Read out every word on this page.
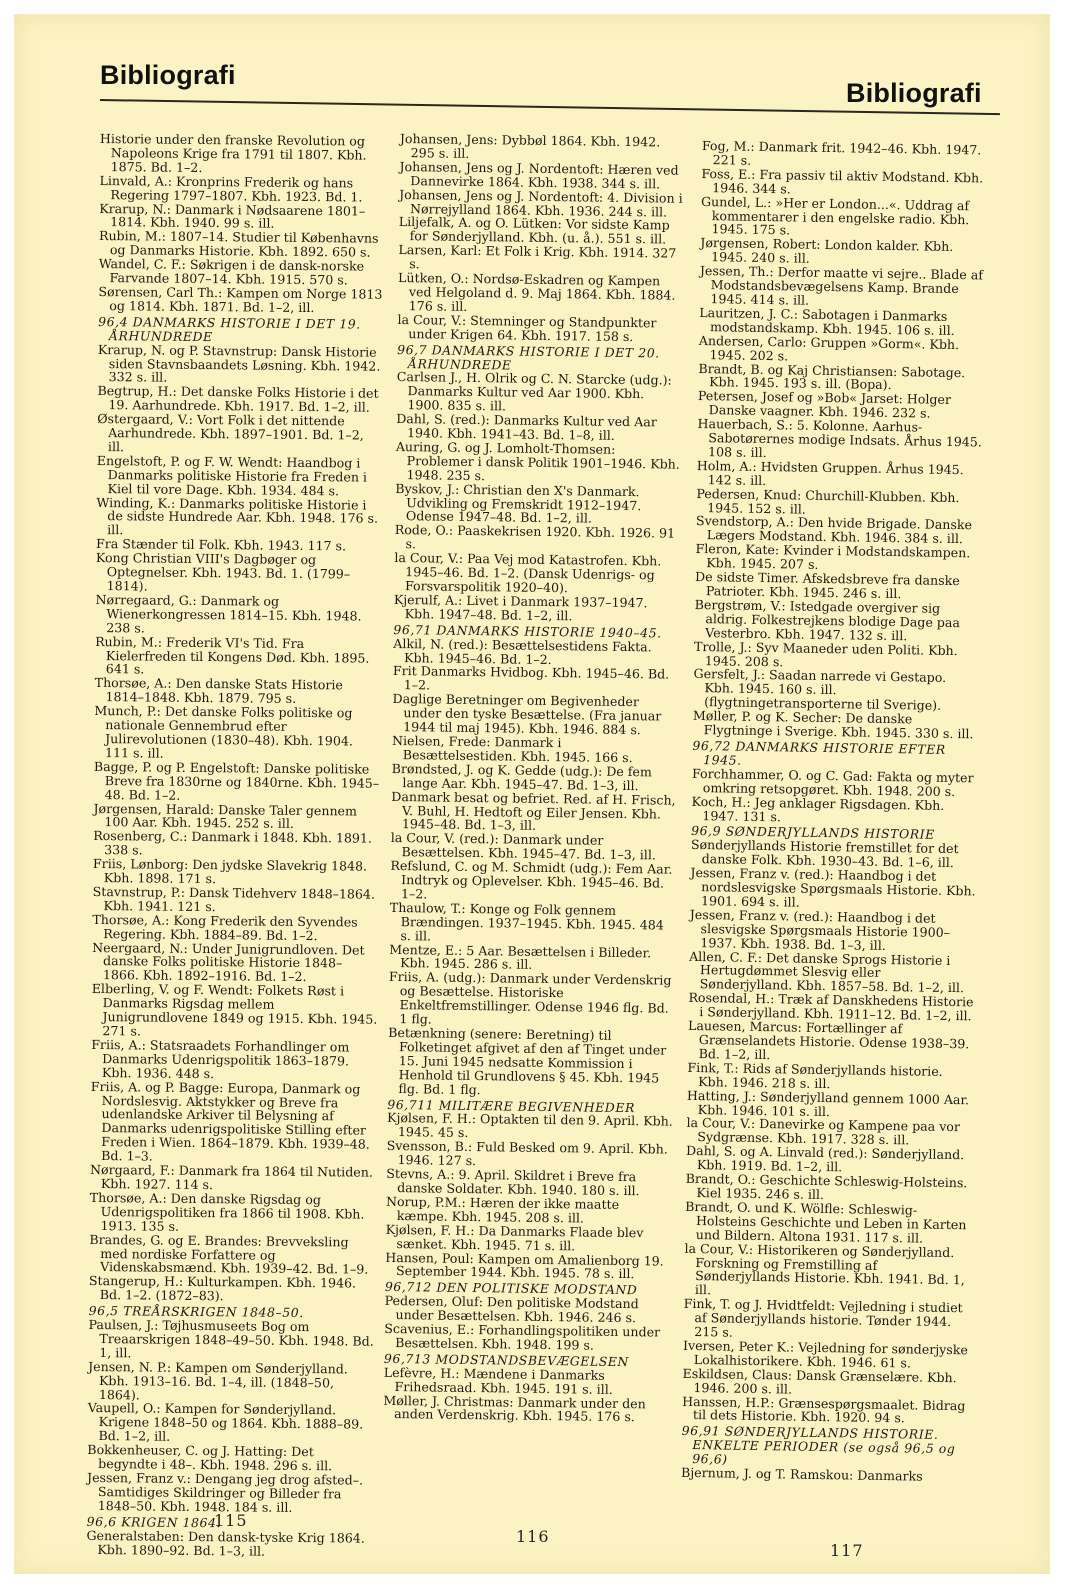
Bibliografi
Bibliografi

Historie under den franske Revolution og Napoleons Krige fra 1791 til 1807. Kbh. 1875. Bd. 1–2.

Linvald, A.: Kronprins Frederik og hans Regering 1797–1807. Kbh. 1923. Bd. 1.

Krarup, N.: Danmark i Nødsaarene 1801–1814. Kbh. 1940. 99 s. ill.

Rubin, M.: 1807–14. Studier til Københavns og Danmarks Historie. Kbh. 1892. 650 s.

Wandel, C. F.: Søkrigen i de dansk-norske Farvande 1807–14. Kbh. 1915. 570 s.

Sørensen, Carl Th.: Kampen om Norge 1813 og 1814. Kbh. 1871. Bd. 1–2, ill.

96,4 DANMARKS HISTORIE I DET 19. ÅRHUNDREDE

Krarup, N. og P. Stavnstrup: Dansk Historie siden Stavnsbaandets Løsning. Kbh. 1942. 332 s. ill.

Begtrup, H.: Det danske Folks Historie i det 19. Aarhundrede. Kbh. 1917. Bd. 1–2, ill.

Østergaard, V.: Vort Folk i det nittende Aarhundrede. Kbh. 1897–1901. Bd. 1–2, ill.

Engelstoft, P. og F. W. Wendt: Haandbog i Danmarks politiske Historie fra Freden i Kiel til vore Dage. Kbh. 1934. 484 s.

Winding, K.: Danmarks politiske Historie i de sidste Hundrede Aar. Kbh. 1948. 176 s. ill.

Fra Stænder til Folk. Kbh. 1943. 117 s.

Kong Christian VIII's Dagbøger og Optegnelser. Kbh. 1943. Bd. 1. (1799–1814).

Nørregaard, G.: Danmark og Wienerkongressen 1814–15. Kbh. 1948. 238 s.

Rubin, M.: Frederik VI's Tid. Fra Kielerfreden til Kongens Død. Kbh. 1895. 641 s.

Thorsøe, A.: Den danske Stats Historie 1814–1848. Kbh. 1879. 795 s.

Munch, P.: Det danske Folks politiske og nationale Gennembrud efter Julirevolutionen (1830–48). Kbh. 1904. 111 s. ill.

Bagge, P. og P. Engelstoft: Danske politiske Breve fra 1830rne og 1840rne. Kbh. 1945–48. Bd. 1–2.

Jørgensen, Harald: Danske Taler gennem 100 Aar. Kbh. 1945. 252 s. ill.

Rosenberg, C.: Danmark i 1848. Kbh. 1891. 338 s.

Friis, Lønborg: Den jydske Slavekrig 1848. Kbh. 1898. 171 s.

Stavnstrup, P.: Dansk Tidehverv 1848–1864. Kbh. 1941. 121 s.

Thorsøe, A.: Kong Frederik den Syvendes Regering. Kbh. 1884–89. Bd. 1–2.

Neergaard, N.: Under Junigrundloven. Det danske Folks politiske Historie 1848–1866. Kbh. 1892–1916. Bd. 1–2.

Elberling, V. og F. Wendt: Folkets Røst i Danmarks Rigsdag mellem Junigrundlovene 1849 og 1915. Kbh. 1945. 271 s.

Friis, A.: Statsraadets Forhandlinger om Danmarks Udenrigspolitik 1863–1879. Kbh. 1936. 448 s.

Friis, A. og P. Bagge: Europa, Danmark og Nordslesvig. Aktstykker og Breve fra udenlandske Arkiver til Belysning af Danmarks udenrigspolitiske Stilling efter Freden i Wien. 1864–1879. Kbh. 1939–48. Bd. 1–3.

Nørgaard, F.: Danmark fra 1864 til Nutiden. Kbh. 1927. 114 s.

Thorsøe, A.: Den danske Rigsdag og Udenrigspolitiken fra 1866 til 1908. Kbh. 1913. 135 s.

Brandes, G. og E. Brandes: Brevveksling med nordiske Forfattere og Videnskabsmænd. Kbh. 1939–42. Bd. 1–9.

Stangerup, H.: Kulturkampen. Kbh. 1946. Bd. 1–2. (1872–83).

96,5 TREÅRSKRIGEN 1848–50.

Paulsen, J.: Tøjhusmuseets Bog om Treaarskrigen 1848–49–50. Kbh. 1948. Bd. 1, ill.

Jensen, N. P.: Kampen om Sønderjylland. Kbh. 1913–16. Bd. 1–4, ill. (1848–50, 1864).

Vaupell, O.: Kampen for Sønderjylland. Krigene 1848–50 og 1864. Kbh. 1888–89. Bd. 1–2, ill.

Bokkenheuser, C. og J. Hatting: Det begyndte i 48–. Kbh. 1948. 296 s. ill.

Jessen, Franz v.: Dengang jeg drog afsted–. Samtidiges Skildringer og Billeder fra 1848–50. Kbh. 1948. 184 s. ill.

96,6 KRIGEN 1864.

Generalstaben: Den dansk-tyske Krig 1864. Kbh. 1890–92. Bd. 1–3, ill.

Johansen, Jens: Dybbøl 1864. Kbh. 1942. 295 s. ill.

Johansen, Jens og J. Nordentoft: Hæren ved Dannevirke 1864. Kbh. 1938. 344 s. ill.

Johansen, Jens og J. Nordentoft: 4. Division i Nørrejylland 1864. Kbh. 1936. 244 s. ill.

Liljefalk, A. og O. Lütken: Vor sidste Kamp for Sønderjylland. Kbh. (u. å.). 551 s. ill.

Larsen, Karl: Et Folk i Krig. Kbh. 1914. 327 s.

Lütken, O.: Nordsø-Eskadren og Kampen ved Helgoland d. 9. Maj 1864. Kbh. 1884. 176 s. ill.

la Cour, V.: Stemninger og Standpunkter under Krigen 64. Kbh. 1917. 158 s.

96,7 DANMARKS HISTORIE I DET 20. ÅRHUNDREDE

Carlsen J., H. Olrik og C. N. Starcke (udg.): Danmarks Kultur ved Aar 1900. Kbh. 1900. 835 s. ill.

Dahl, S. (red.): Danmarks Kultur ved Aar 1940. Kbh. 1941–43. Bd. 1–8, ill.

Auring, G. og J. Lomholt-Thomsen: Problemer i dansk Politik 1901–1946. Kbh. 1948. 235 s.

Byskov, J.: Christian den X's Danmark. Udvikling og Fremskridt 1912–1947. Odense 1947–48. Bd. 1–2, ill.

Rode, O.: Paaskekrisen 1920. Kbh. 1926. 91 s.

la Cour, V.: Paa Vej mod Katastrofen. Kbh. 1945–46. Bd. 1–2. (Dansk Udenrigs- og Forsvarspolitik 1920–40).

Kjerulf, A.: Livet i Danmark 1937–1947. Kbh. 1947–48. Bd. 1–2, ill.

96,71 DANMARKS HISTORIE 1940–45.

Alkil, N. (red.): Besættelsestidens Fakta. Kbh. 1945–46. Bd. 1–2.

Frit Danmarks Hvidbog. Kbh. 1945–46. Bd. 1–2.

Daglige Beretninger om Begivenheder under den tyske Besættelse. (Fra januar 1944 til maj 1945). Kbh. 1946. 884 s.

Nielsen, Frede: Danmark i Besættelsestiden. Kbh. 1945. 166 s.

Brøndsted, J. og K. Gedde (udg.): De fem lange Aar. Kbh. 1945–47. Bd. 1–3, ill.

Danmark besat og befriet. Red. af H. Frisch, V. Buhl, H. Hedtoft og Eiler Jensen. Kbh. 1945–48. Bd. 1–3, ill.

la Cour, V. (red.): Danmark under Besættelsen. Kbh. 1945–47. Bd. 1–3, ill.

Refslund, C. og M. Schmidt (udg.): Fem Aar. Indtryk og Oplevelser. Kbh. 1945–46. Bd. 1–2.

Thaulow, T.: Konge og Folk gennem Brændingen. 1937–1945. Kbh. 1945. 484 s. ill.

Mentze, E.: 5 Aar. Besættelsen i Billeder. Kbh. 1945. 286 s. ill.

Friis, A. (udg.): Danmark under Verdenskrig og Besættelse. Historiske Enkeltfremstillinger. Odense 1946 flg. Bd. 1 flg.

Betænkning (senere: Beretning) til Folketinget afgivet af den af Tinget under 15. Juni 1945 nedsatte Kommission i Henhold til Grundlovens § 45. Kbh. 1945 flg. Bd. 1 flg.

96,711 MILITÆRE BEGIVENHEDER

Kjølsen, F. H.: Optakten til den 9. April. Kbh. 1945. 45 s.

Svensson, B.: Fuld Besked om 9. April. Kbh. 1946. 127 s.

Stevns, A.: 9. April. Skildret i Breve fra danske Soldater. Kbh. 1940. 180 s. ill.

Norup, P.M.: Hæren der ikke maatte kæmpe. Kbh. 1945. 208 s. ill.

Kjølsen, F. H.: Da Danmarks Flaade blev sænket. Kbh. 1945. 71 s. ill.

Hansen, Poul: Kampen om Amalienborg 19. September 1944. Kbh. 1945. 78 s. ill.

96,712 DEN POLITISKE MODSTAND

Pedersen, Oluf: Den politiske Modstand under Besættelsen. Kbh. 1946. 246 s.

Scavenius, E.: Forhandlingspolitiken under Besættelsen. Kbh. 1948. 199 s.

96,713 MODSTANDSBEVÆGELSEN

Lefèvre, H.: Mændene i Danmarks Frihedsraad. Kbh. 1945. 191 s. ill.

Møller, J. Christmas: Danmark under den anden Verdenskrig. Kbh. 1945. 176 s.

Fog, M.: Danmark frit. 1942–46. Kbh. 1947. 221 s.

Foss, E.: Fra passiv til aktiv Modstand. Kbh. 1946. 344 s.

Gundel, L.: »Her er London...«. Uddrag af kommentarer i den engelske radio. Kbh. 1945. 175 s.

Jørgensen, Robert: London kalder. Kbh. 1945. 240 s. ill.

Jessen, Th.: Derfor maatte vi sejre.. Blade af Modstandsbevægelsens Kamp. Brande 1945. 414 s. ill.

Lauritzen, J. C.: Sabotagen i Danmarks modstandskamp. Kbh. 1945. 106 s. ill.

Andersen, Carlo: Gruppen »Gorm«. Kbh. 1945. 202 s.

Brandt, B. og Kaj Christiansen: Sabotage. Kbh. 1945. 193 s. ill. (Bopa).

Petersen, Josef og »Bob« Jarset: Holger Danske vaagner. Kbh. 1946. 232 s.

Hauerbach, S.: 5. Kolonne. Aarhus-Sabotørernes modige Indsats. Århus 1945. 108 s. ill.

Holm, A.: Hvidsten Gruppen. Århus 1945. 142 s. ill.

Pedersen, Knud: Churchill-Klubben. Kbh. 1945. 152 s. ill.

Svendstorp, A.: Den hvide Brigade. Danske Lægers Modstand. Kbh. 1946. 384 s. ill.

Fleron, Kate: Kvinder i Modstandskampen. Kbh. 1945. 207 s.

De sidste Timer. Afskedsbreve fra danske Patrioter. Kbh. 1945. 246 s. ill.

Bergstrøm, V.: Istedgade overgiver sig aldrig. Folkestrejkens blodige Dage paa Vesterbro. Kbh. 1947. 132 s. ill.

Trolle, J.: Syv Maaneder uden Politi. Kbh. 1945. 208 s.

Gersfelt, J.: Saadan narrede vi Gestapo. Kbh. 1945. 160 s. ill. (flygtningetransporterne til Sverige).

Møller, P. og K. Secher: De danske Flygtninge i Sverige. Kbh. 1945. 330 s. ill.

96,72 DANMARKS HISTORIE EFTER 1945.

Forchhammer, O. og C. Gad: Fakta og myter omkring retsopgøret. Kbh. 1948. 200 s.

Koch, H.: Jeg anklager Rigsdagen. Kbh. 1947. 131 s.

96,9 SØNDERJYLLANDS HISTORIE

Sønderjyllands Historie fremstillet for det danske Folk. Kbh. 1930–43. Bd. 1–6, ill.

Jessen, Franz v. (red.): Haandbog i det nordslesvigske Spørgsmaals Historie. Kbh. 1901. 694 s. ill.

Jessen, Franz v. (red.): Haandbog i det slesvigske Spørgsmaals Historie 1900–1937. Kbh. 1938. Bd. 1–3, ill.

Allen, C. F.: Det danske Sprogs Historie i Hertugdømmet Slesvig eller Sønderjylland. Kbh. 1857–58. Bd. 1–2, ill.

Rosendal, H.: Træk af Danskhedens Historie i Sønderjylland. Kbh. 1911–12. Bd. 1–2, ill.

Lauesen, Marcus: Fortællinger af Grænselandets Historie. Odense 1938–39. Bd. 1–2, ill.

Fink, T.: Rids af Sønderjyllands historie. Kbh. 1946. 218 s. ill.

Hatting, J.: Sønderjylland gennem 1000 Aar. Kbh. 1946. 101 s. ill.

la Cour, V.: Danevirke og Kampene paa vor Sydgrænse. Kbh. 1917. 328 s. ill.

Dahl, S. og A. Linvald (red.): Sønderjylland. Kbh. 1919. Bd. 1–2, ill.

Brandt, O.: Geschichte Schleswig-Holsteins. Kiel 1935. 246 s. ill.

Brandt, O. und K. Wölfle: Schleswig-Holsteins Geschichte und Leben in Karten und Bildern. Altona 1931. 117 s. ill.

la Cour, V.: Historikeren og Sønderjylland. Forskning og Fremstilling af Sønderjyllands Historie. Kbh. 1941. Bd. 1, ill.

Fink, T. og J. Hvidtfeldt: Vejledning i studiet af Sønderjyllands historie. Tønder 1944. 215 s.

Iversen, Peter K.: Vejledning for sønderjyske Lokalhistorikere. Kbh. 1946. 61 s.

Eskildsen, Claus: Dansk Grænselære. Kbh. 1946. 200 s. ill.

Hanssen, H.P.: Grænsespørgsmaalet. Bidrag til dets Historie. Kbh. 1920. 94 s.

96,91 SØNDERJYLLANDS HISTORIE. ENKELTE PERIODER (se også 96,5 og 96,6)

Bjernum, J. og T. Ramskou: Danmarks

115
116
117
